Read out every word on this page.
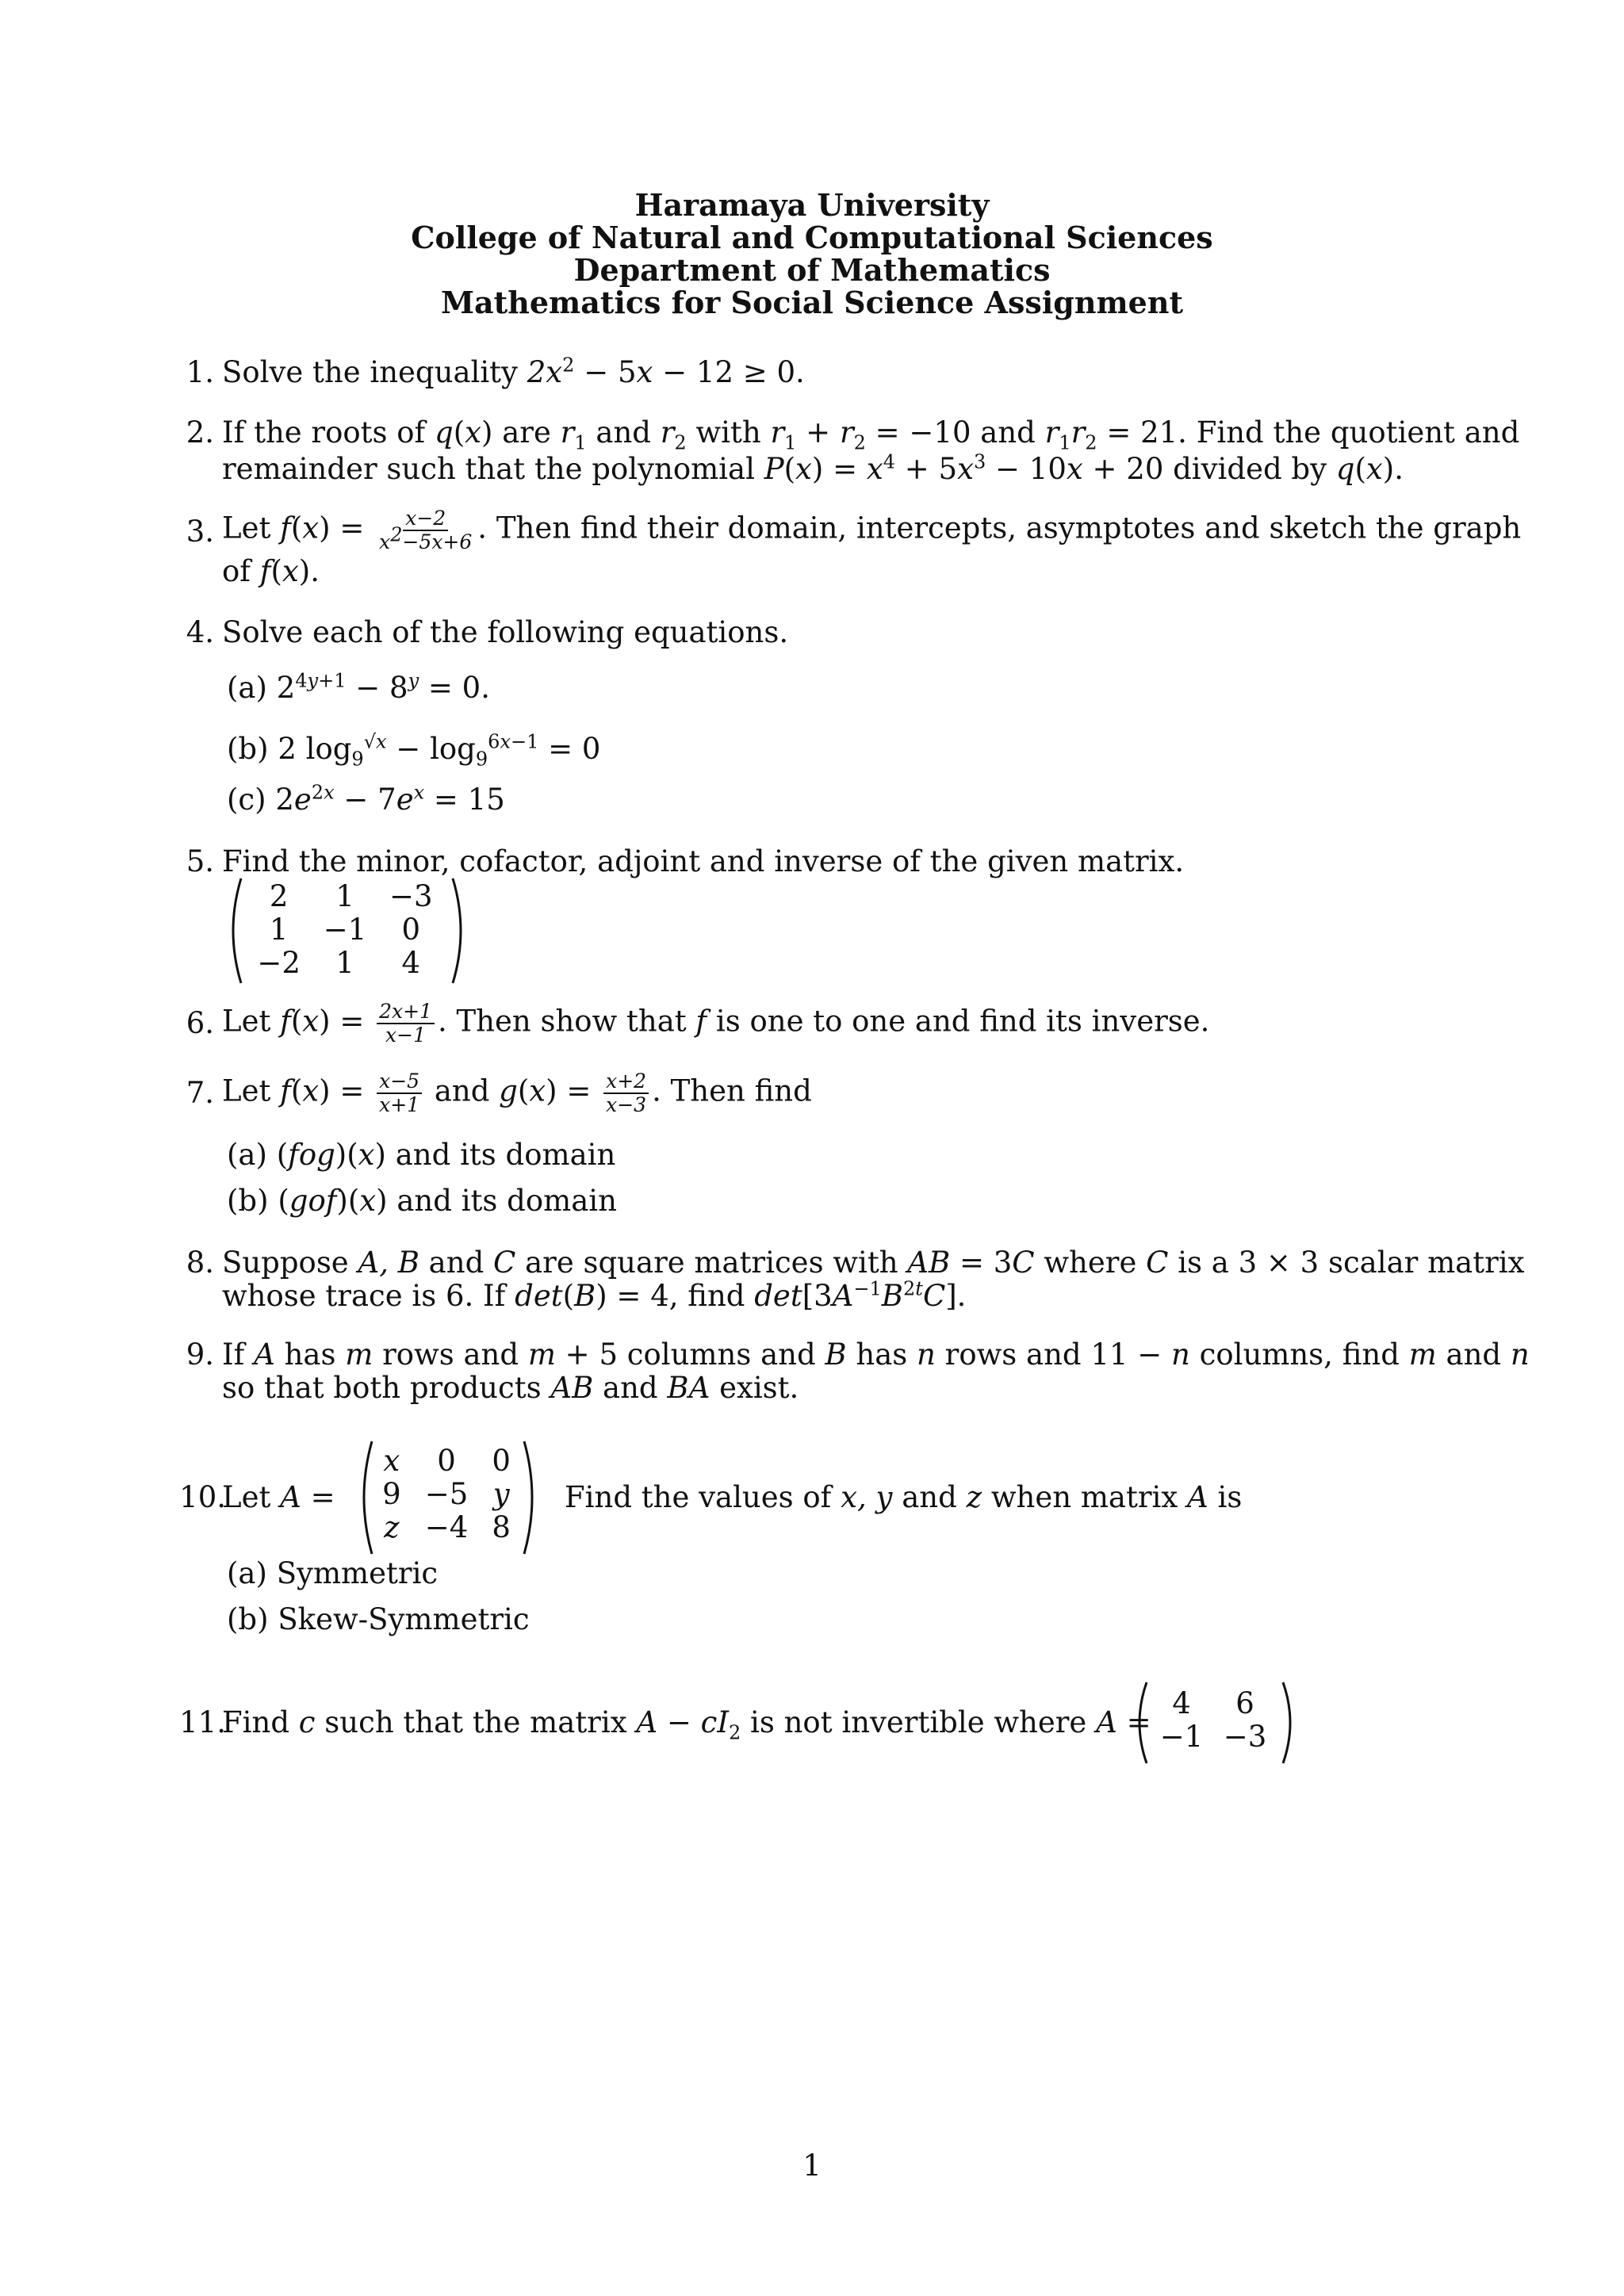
Haramaya University
College of Natural and Computational Sciences
Department of Mathematics
Mathematics for Social Science Assignment
1. Solve the inequality $2x^2 - 5x - 12 \ge 0$.
2. If the roots of q(x) are $r_1$ and $r_2$ with $r_1 + r_2 = -10$ and $r_1r_2 = 21$. Find the quotient and
remainder such that the polynomial $P(x) = x^4 + 5x^3 - 10x + 20$ divided by q(x).
3. Let $f(x) = \frac{x-2}{x^2-5x+6}$ . Then find their domain, intercepts, asymptotes and sketch the graph
of f(x).
4. Solve each of the following equations.
(a) $2^{4y+1} - 8^y = 0$.
(b) 2 $\log_9^{√x} - \log_9^{6x-1} = 0$
(c) $2e^{2x} - 7e^x = 15$
5. Find the minor, cofactor, adjoint and inverse of the given matrix.
2	1	−3
1	−1	0
−2	1	4
6. Let $f(x) = \frac{2x+1}{x-1}$ . Then show that f is one to one and find its inverse.
7. Let $f(x) = \frac{x-5}{x+1}$ and $g(x) = \frac{x+2}{x-3}$ . Then find
(a) (fog)(x) and its domain
(b) (gof)(x) and its domain
8. Suppose A, B and C are square matrices with AB = 3C where C is a 3 × 3 scalar matrix
whose trace is 6. If det(B) = 4, find $\det[3A^{-1}B^{2t}C]$.
9. If A has m rows and m + 5 columns and B has n rows and 11 − n columns, find m and n
so that both products AB and BA exist.
10.
Let A =
x	0	0
9	−5	y
z	−4	8
Find the values of x, y and z when matrix A is
(a) Symmetric
(b) Skew-Symmetric
11.
Find c such that the matrix $A - cI_2$ is not invertible where A =
4	6
−1	−3
1
